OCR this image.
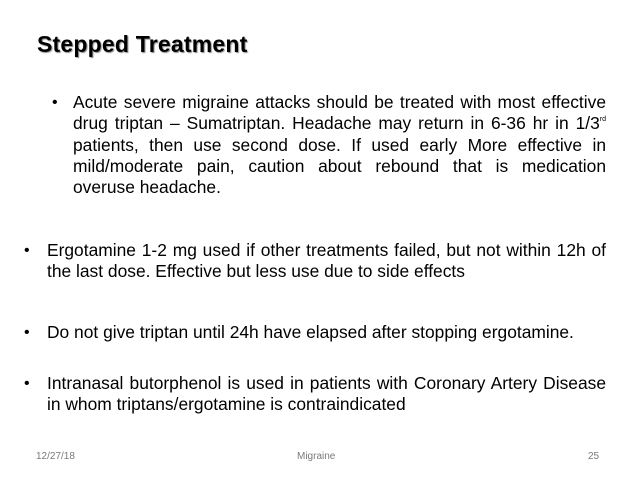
Stepped Treatment
• Acute severe migraine attacks should be treated with most effective drug triptan – Sumatriptan. Headache may return in 6-36 hr in 1/3rd patients, then use second dose. If used early More effective in mild/moderate pain, caution about rebound that is medication overuse headache.
• Ergotamine 1-2 mg used if other treatments failed, but not within 12h of the last dose. Effective but less use due to side effects
• Do not give triptan until 24h have elapsed after stopping ergotamine.
• Intranasal butorphenol is used in patients with Coronary Artery Disease in whom triptans/ergotamine is contraindicated
12/27/18	Migraine	25
